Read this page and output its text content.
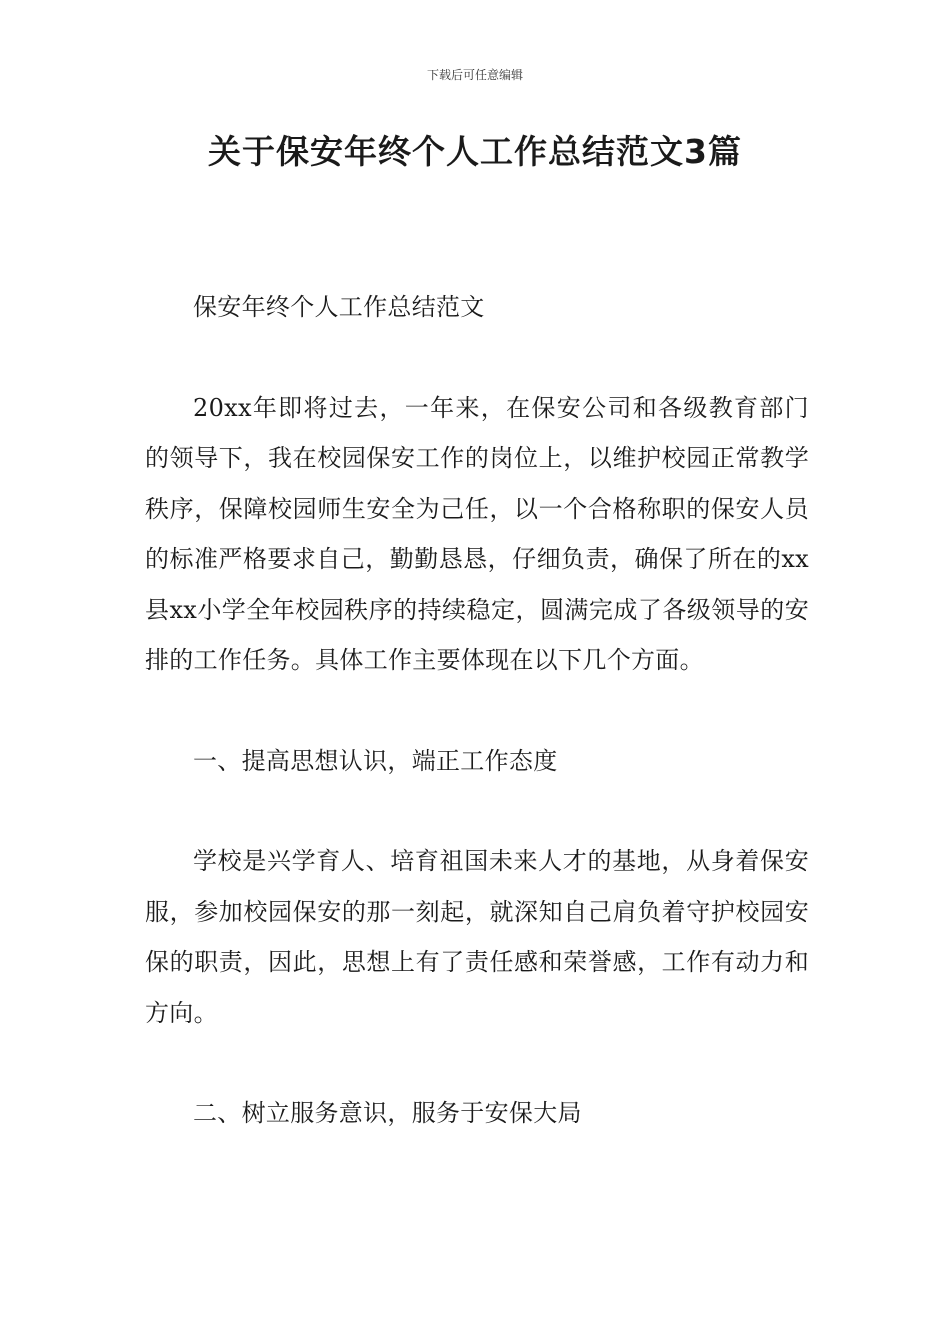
下载后可任意编辑
关于保安年终个人工作总结范文3篇

保安年终个人工作总结范文

20xx年即将过去，一年来，在保安公司和各级教育部门的领导下，我在校园保安工作的岗位上，以维护校园正常教学秩序，保障校园师生安全为己任，以一个合格称职的保安人员的标准严格要求自己，勤勤恳恳，仔细负责，确保了所在的xx县xx小学全年校园秩序的持续稳定，圆满完成了各级领导的安排的工作任务。具体工作主要体现在以下几个方面。

一、提高思想认识，端正工作态度

学校是兴学育人、培育祖国未来人才的基地，从身着保安服，参加校园保安的那一刻起，就深知自己肩负着守护校园安保的职责，因此，思想上有了责任感和荣誉感，工作有动力和方向。

二、树立服务意识，服务于安保大局
